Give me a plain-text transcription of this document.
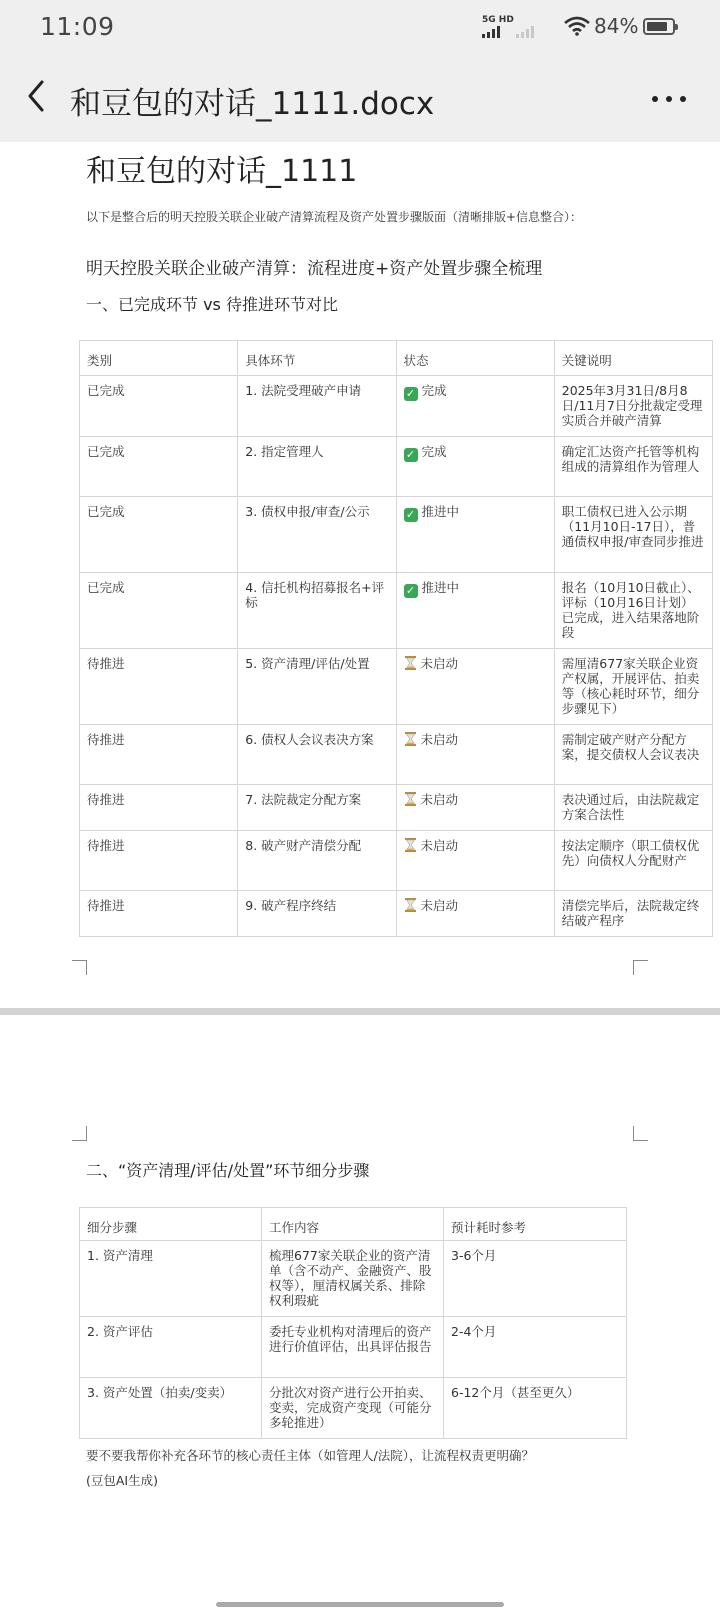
11:09	5G HD	84%
和豆包的对话_1111.docx
和豆包的对话_1111
以下是整合后的明天控股关联企业破产清算流程及资产处置步骤版面（清晰排版+信息整合）：
明天控股关联企业破产清算：流程进度+资产处置步骤全梳理
一、已完成环节 vs 待推进环节对比
类别	具体环节	状态	关键说明
已完成	1. 法院受理破产申请	✓ 完成	2025年3月31日/8月8日/11月7日分批裁定受理实质合并破产清算
已完成	2. 指定管理人	✓ 完成	确定汇达资产托管等机构组成的清算组作为管理人
已完成	3. 债权申报/审查/公示	✓ 推进中	职工债权已进入公示期（11月10日-17日），普通债权申报/审查同步推进
已完成	4. 信托机构招募报名+评标	✓ 推进中	报名（10月10日截止）、评标（10月16日计划）已完成，进入结果落地阶段
待推进	5. 资产清理/评估/处置	未启动	需厘清677家关联企业资产权属，开展评估、拍卖等（核心耗时环节，细分步骤见下）
待推进	6. 债权人会议表决方案	未启动	需制定破产财产分配方案，提交债权人会议表决
待推进	7. 法院裁定分配方案	未启动	表决通过后，由法院裁定方案合法性
待推进	8. 破产财产清偿分配	未启动	按法定顺序（职工债权优先）向债权人分配财产
待推进	9. 破产程序终结	未启动	清偿完毕后，法院裁定终结破产程序
二、“资产清理/评估/处置”环节细分步骤
细分步骤	工作内容	预计耗时参考
1. 资产清理	梳理677家关联企业的资产清单（含不动产、金融资产、股权等），厘清权属关系、排除权利瑕疵	3-6个月
2. 资产评估	委托专业机构对清理后的资产进行价值评估，出具评估报告	2-4个月
3. 资产处置（拍卖/变卖）	分批次对资产进行公开拍卖、变卖，完成资产变现（可能分多轮推进）	6-12个月（甚至更久）
要不要我帮你补充各环节的核心责任主体（如管理人/法院），让流程权责更明确？
(豆包AI生成)
